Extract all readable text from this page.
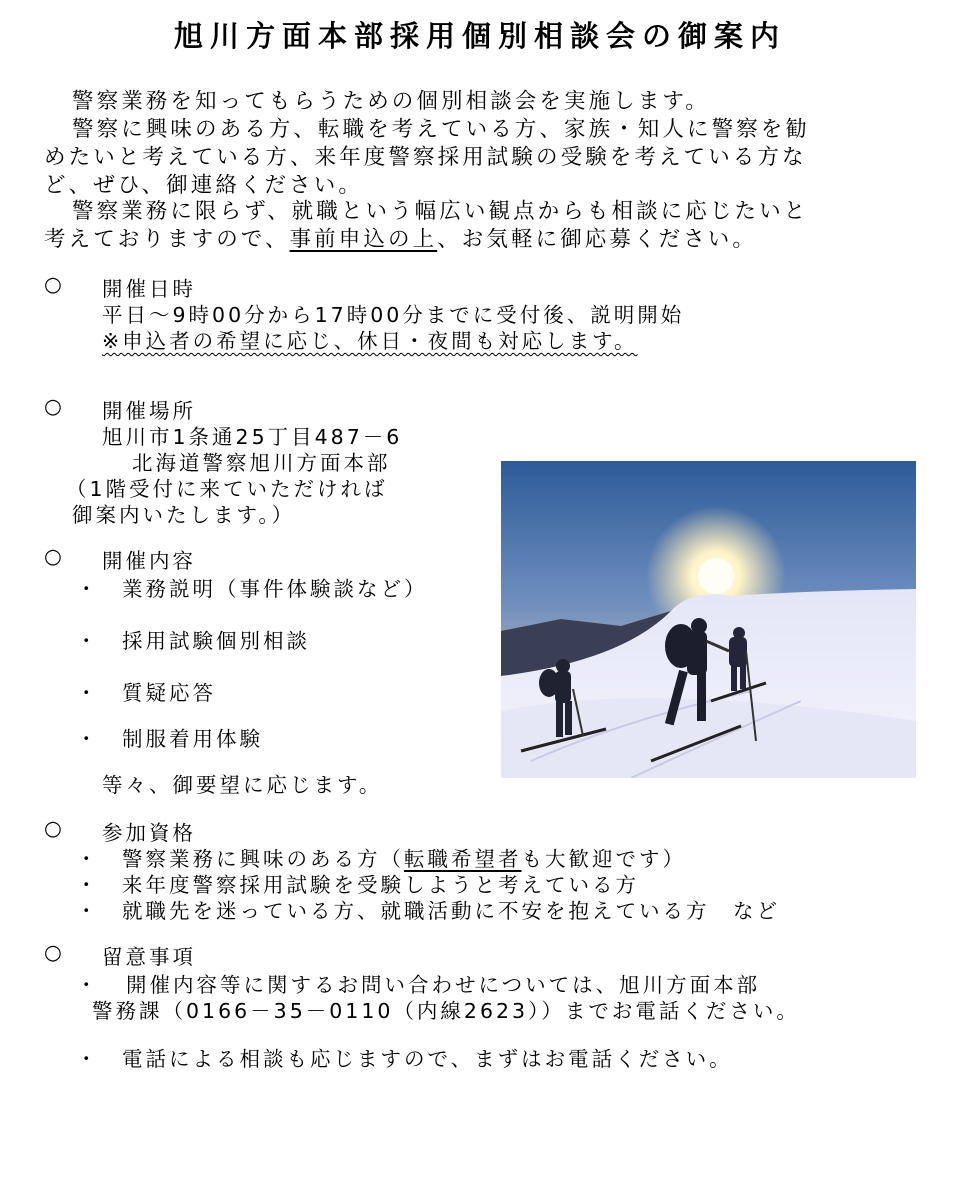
旭川方面本部採用個別相談会の御案内
警察業務を知ってもらうための個別相談会を実施します。
警察に興味のある方、転職を考えている方、家族・知人に警察を勧
めたいと考えている方、来年度警察採用試験の受験を考えている方な
ど、ぜひ、御連絡ください。
警察業務に限らず、就職という幅広い観点からも相談に応じたいと
考えておりますので、事前申込の上、お気軽に御応募ください。
○ 開催日時
平日～9時00分から17時00分までに受付後、説明開始
※申込者の希望に応じ、休日・夜間も対応します。
○ 開催場所
旭川市1条通25丁目487－6
北海道警察旭川方面本部
（1階受付に来ていただければ
御案内いたします。）
○ 開催内容
・ 業務説明（事件体験談など）
・ 採用試験個別相談
・ 質疑応答
・ 制服着用体験
等々、御要望に応じます。
○ 参加資格
・ 警察業務に興味のある方（転職希望者も大歓迎です）
・ 来年度警察採用試験を受験しようと考えている方
・ 就職先を迷っている方、就職活動に不安を抱えている方　など
○ 留意事項
・ 開催内容等に関するお問い合わせについては、旭川方面本部
警務課（0166－35－0110（内線2623））までお電話ください。
・ 電話による相談も応じますので、まずはお電話ください。
